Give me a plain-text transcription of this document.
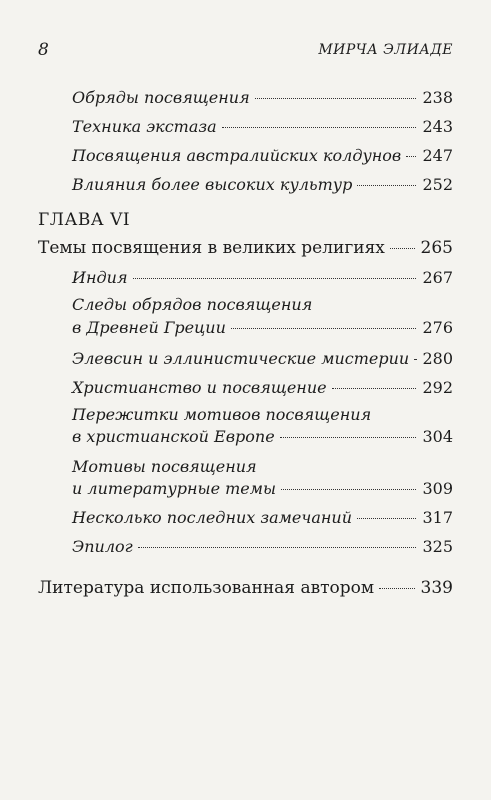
8	МИРЧА ЭЛИАДЕ
Обряды посвящения	238
Техника экстаза	243
Посвящения австралийских колдунов 247
Влияния более высоких культур	252
ГЛАВА VI
Темы посвящения в великих религиях 265
Индия	267
Следы обрядов посвящения
в Древней Греции	276
Элевсин и эллинистические мистерии 280
Христианство и посвящение	292
Пережитки мотивов посвящения
в христианской Европе	304
Мотивы посвящения
и литературные темы	309
Несколько последних замечаний	317
Эпилог	325
Литература использованная автором	339
